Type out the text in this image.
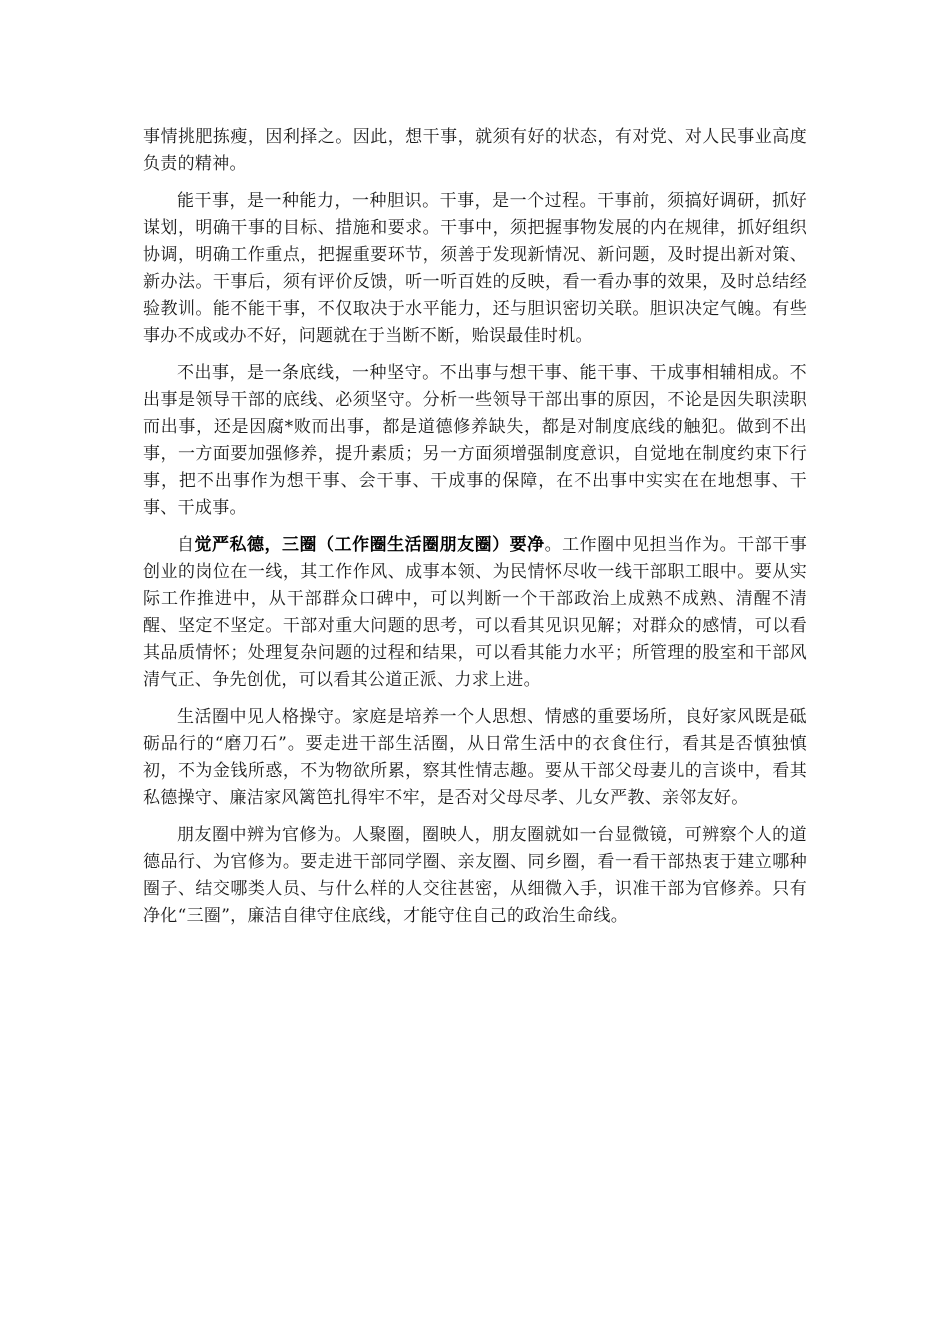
事情挑肥拣瘦，因利择之。因此，想干事，就须有好的状态，有对党、对人民事业高度负责的精神。

能干事，是一种能力，一种胆识。干事，是一个过程。干事前，须搞好调研，抓好谋划，明确干事的目标、措施和要求。干事中，须把握事物发展的内在规律，抓好组织协调，明确工作重点，把握重要环节，须善于发现新情况、新问题，及时提出新对策、新办法。干事后，须有评价反馈，听一听百姓的反映，看一看办事的效果，及时总结经验教训。能不能干事，不仅取决于水平能力，还与胆识密切关联。胆识决定气魄。有些事办不成或办不好，问题就在于当断不断，贻误最佳时机。

不出事，是一条底线，一种坚守。不出事与想干事、能干事、干成事相辅相成。不出事是领导干部的底线、必须坚守。分析一些领导干部出事的原因，不论是因失职渎职而出事，还是因腐*败而出事，都是道德修养缺失，都是对制度底线的触犯。做到不出事，一方面要加强修养，提升素质；另一方面须增强制度意识，自觉地在制度约束下行事，把不出事作为想干事、会干事、干成事的保障，在不出事中实实在在地想事、干事、干成事。

自觉严私德，三圈（工作圈生活圈朋友圈）要净。工作圈中见担当作为。干部干事创业的岗位在一线，其工作作风、成事本领、为民情怀尽收一线干部职工眼中。要从实际工作推进中，从干部群众口碑中，可以判断一个干部政治上成熟不成熟、清醒不清醒、坚定不坚定。干部对重大问题的思考，可以看其见识见解；对群众的感情，可以看其品质情怀；处理复杂问题的过程和结果，可以看其能力水平；所管理的股室和干部风清气正、争先创优，可以看其公道正派、力求上进。

生活圈中见人格操守。家庭是培养一个人思想、情感的重要场所，良好家风既是砥砺品行的“磨刀石”。要走进干部生活圈，从日常生活中的衣食住行，看其是否慎独慎初，不为金钱所惑，不为物欲所累，察其性情志趣。要从干部父母妻儿的言谈中，看其私德操守、廉洁家风篱笆扎得牢不牢，是否对父母尽孝、儿女严教、亲邻友好。

朋友圈中辨为官修为。人聚圈，圈映人，朋友圈就如一台显微镜，可辨察个人的道德品行、为官修为。要走进干部同学圈、亲友圈、同乡圈，看一看干部热衷于建立哪种圈子、结交哪类人员、与什么样的人交往甚密，从细微入手，识准干部为官修养。只有净化“三圈”，廉洁自律守住底线，才能守住自己的政治生命线。
